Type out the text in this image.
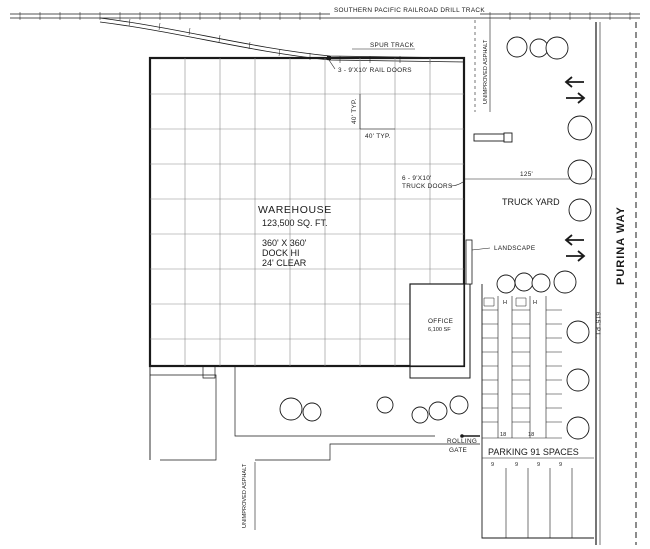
SOUTHERN PACIFIC RAILROAD DRILL TRACK
SPUR TRACK
3 - 9'X10' RAIL DOORS
40' TYP.
40' TYP.
6 - 9'X10'
TRUCK DOORS
125'
TRUCK YARD
WAREHOUSE
123,500 SQ. FT.
360' X 360'
DOCK HI
24' CLEAR
OFFICE
6,100 SF
LANDSCAPE	PURINA WAY
615' P.L.
UNIMPROVED ASPHALT
UNIMPROVED ASPHALT
ROLLING
GATE
H	H
18	18
PARKING 91 SPACES
9	9	9	9
